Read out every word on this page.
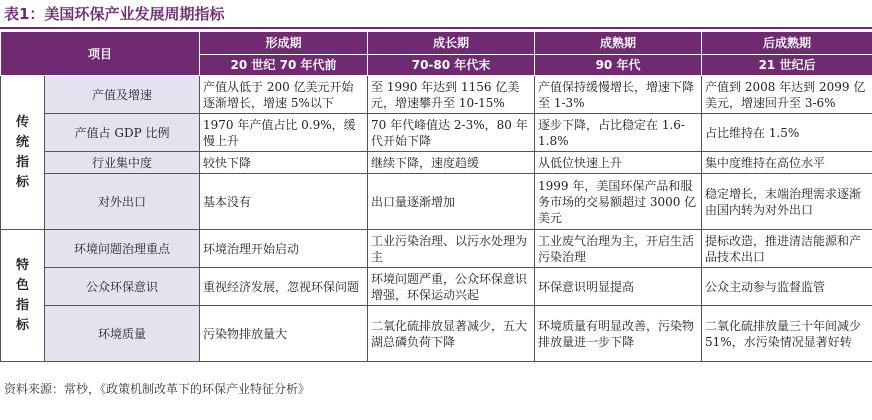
表1：美国环保产业发展周期指标
项目		形成期	成长期	成熟期	后成熟期
		20 世纪 70 年代前	70-80 年代末	90 年代	21 世纪后
传
统
指
标	产值及增速	产值从低于 200 亿美元开始逐渐增长，增速 5%以下	至 1990 年达到 1156 亿美元，增速攀升至 10-15%	产值保持缓慢增长，增速下降至 1-3%	产值到 2008 年达到 2099 亿美元，增速回升至 3-6%
	产值占 GDP 比例	1970 年产值占比 0.9%，缓慢上升	70 年代峰值达 2-3%，80 年代开始下降	逐步下降，占比稳定在 1.6-1.8%	占比维持在 1.5%
	行业集中度	较快下降	继续下降，速度趋缓	从低位快速上升	集中度维持在高位水平
	对外出口	基本没有	出口量逐渐增加	1999 年，美国环保产品和服务市场的交易额超过 3000 亿美元	稳定增长，末端治理需求逐渐由国内转为对外出口
特
色
指
标	环境问题治理重点	环境治理开始启动	工业污染治理、以污水处理为主	工业废气治理为主，开启生活污染治理	提标改造，推进清洁能源和产品技术出口
	公众环保意识	重视经济发展，忽视环保问题	环境问题严重，公众环保意识增强，环保运动兴起	环保意识明显提高	公众主动参与监督监管
	环境质量	污染物排放量大	二氧化硫排放显著减少，五大湖总磷负荷下降	环境质量有明显改善，污染物排放量进一步下降	二氧化硫排放量三十年间减少 51%，水污染情况显著好转
资料来源：常杪，《政策机制改革下的环保产业特征分析》
